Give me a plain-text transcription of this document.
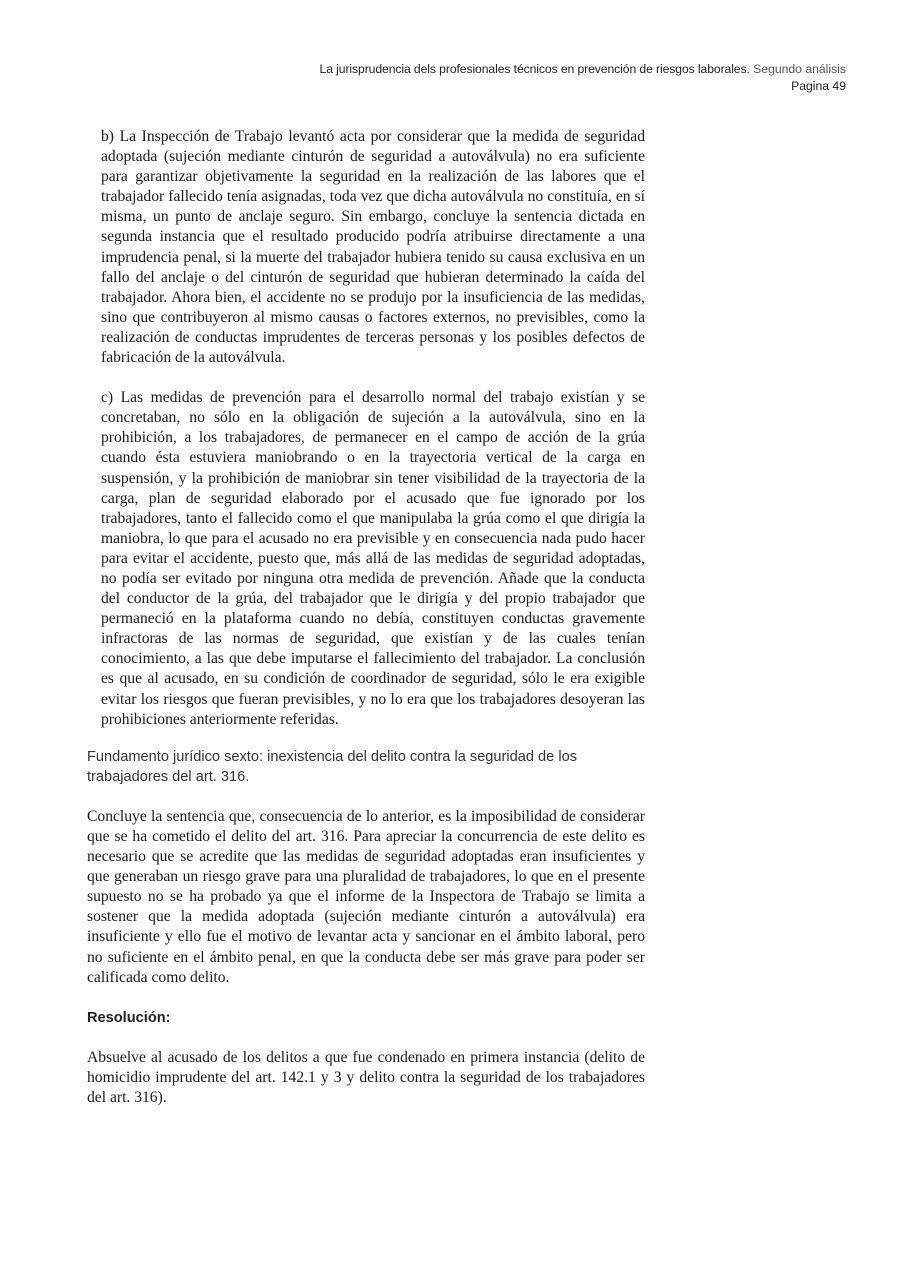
La jurisprudencia dels profesionales técnicos en prevención de riesgos laborales. Segundo análisis
Pagina 49

b) La Inspección de Trabajo levantó acta por considerar que la medida de seguridad adoptada (sujeción mediante cinturón de seguridad a autoválvula) no era suficiente para garantizar objetivamente la seguridad en la realización de las labores que el trabajador fallecido tenía asignadas, toda vez que dicha autoválvula no constituía, en sí misma, un punto de anclaje seguro. Sin embargo, concluye la sentencia dictada en segunda instancia que el resultado producido podría atribuirse directamente a una imprudencia penal, si la muerte del trabajador hubiera tenido su causa exclusiva en un fallo del anclaje o del cinturón de seguridad que hubieran determinado la caída del trabajador. Ahora bien, el accidente no se produjo por la insuficiencia de las medidas, sino que contribuyeron al mismo causas o factores externos, no previsibles, como la realización de conductas imprudentes de terceras personas y los posibles defectos de fabricación de la autoválvula.

c) Las medidas de prevención para el desarrollo normal del trabajo existían y se concretaban, no sólo en la obligación de sujeción a la autoválvula, sino en la prohibición, a los trabajadores, de permanecer en el campo de acción de la grúa cuando ésta estuviera maniobrando o en la trayectoria vertical de la carga en suspensión, y la prohibición de maniobrar sin tener visibilidad de la trayectoria de la carga, plan de seguridad elaborado por el acusado que fue ignorado por los trabajadores, tanto el fallecido como el que manipulaba la grúa como el que dirigía la maniobra, lo que para el acusado no era previsible y en consecuencia nada pudo hacer para evitar el accidente, puesto que, más allá de las medidas de seguridad adoptadas, no podía ser evitado por ninguna otra medida de prevención. Añade que la conducta del conductor de la grúa, del trabajador que le dirigía y del propio trabajador que permaneció en la plataforma cuando no debía, constituyen conductas gravemente infractoras de las normas de seguridad, que existían y de las cuales tenían conocimiento, a las que debe imputarse el fallecimiento del trabajador. La conclusión es que al acusado, en su condición de coordinador de seguridad, sólo le era exigible evitar los riesgos que fueran previsibles, y no lo era que los trabajadores desoyeran las prohibiciones anteriormente referidas.

Fundamento jurídico sexto: inexistencia del delito contra la seguridad de los trabajadores del art. 316.

Concluye la sentencia que, consecuencia de lo anterior, es la imposibilidad de considerar que se ha cometido el delito del art. 316. Para apreciar la concurrencia de este delito es necesario que se acredite que las medidas de seguridad adoptadas eran insuficientes y que generaban un riesgo grave para una pluralidad de trabajadores, lo que en el presente supuesto no se ha probado ya que el informe de la Inspectora de Trabajo se limita a sostener que la medida adoptada (sujeción mediante cinturón a autoválvula) era insuficiente y ello fue el motivo de levantar acta y sancionar en el ámbito laboral, pero no suficiente en el ámbito penal, en que la conducta debe ser más grave para poder ser calificada como delito.

Resolución:

Absuelve al acusado de los delitos a que fue condenado en primera instancia (delito de homicidio imprudente del art. 142.1 y 3 y delito contra la seguridad de los trabajadores del art. 316).
